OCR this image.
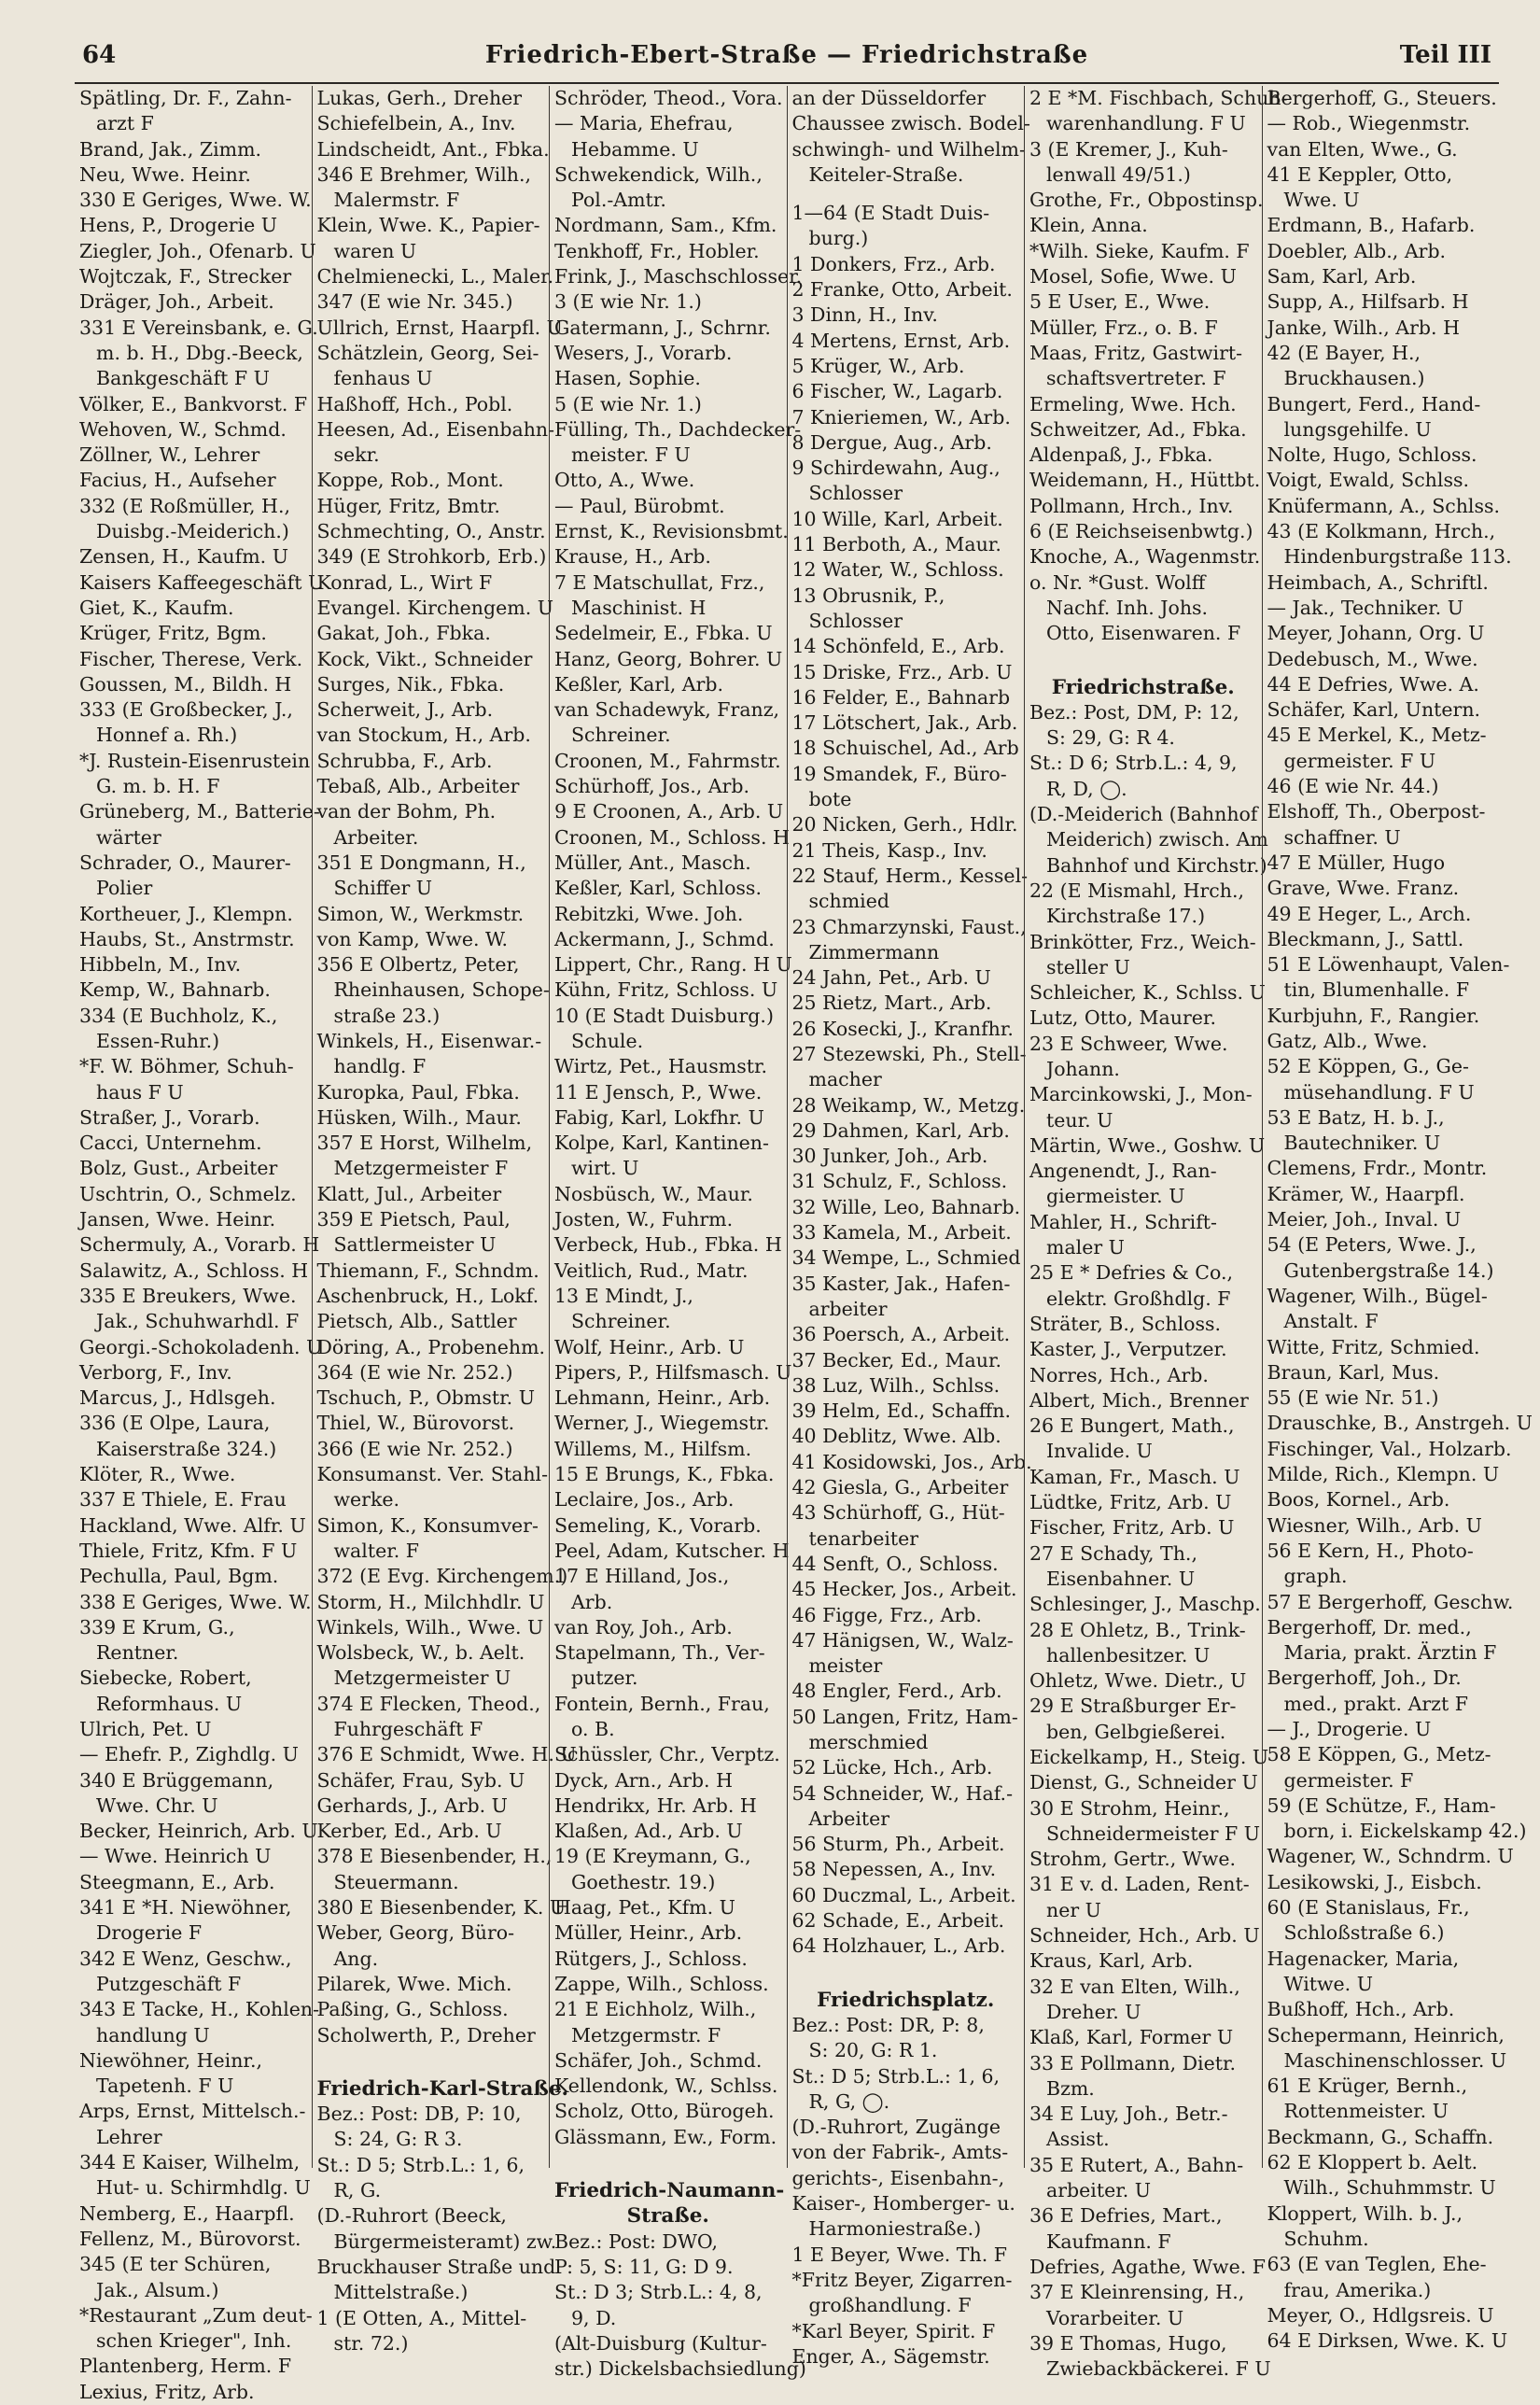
64	Friedrich-Ebert-Straße — Friedrichstraße	Teil III
Spätling, Dr. F., Zahn-
arzt F
Brand, Jak., Zimm.
Neu, Wwe. Heinr.
330 E Geriges, Wwe. W.
Hens, P., Drogerie U
Ziegler, Joh., Ofenarb. U
Wojtczak, F., Strecker
Dräger, Joh., Arbeit.
331 E Vereinsbank, e. G.
m. b. H., Dbg.-Beeck,
Bankgeschäft F U
Völker, E., Bankvorst. F
Wehoven, W., Schmd.
Zöllner, W., Lehrer
Facius, H., Aufseher
332 (E Roßmüller, H.,
Duisbg.-Meiderich.)
Zensen, H., Kaufm. U
Kaisers Kaffeegeschäft U
Giet, K., Kaufm.
Krüger, Fritz, Bgm.
Fischer, Therese, Verk.
Goussen, M., Bildh. H
333 (E Großbecker, J.,
Honnef a. Rh.)
*J. Rustein-Eisenrustein
G. m. b. H. F
Grüneberg, M., Batterie-
wärter
Schrader, O., Maurer-
Polier
Kortheuer, J., Klempn.
Haubs, St., Anstrmstr.
Hibbeln, M., Inv.
Kemp, W., Bahnarb.
334 (E Buchholz, K.,
Essen-Ruhr.)
*F. W. Böhmer, Schuh-
haus F U
Straßer, J., Vorarb.
Cacci, Unternehm.
Bolz, Gust., Arbeiter
Uschtrin, O., Schmelz.
Jansen, Wwe. Heinr.
Schermuly, A., Vorarb. H
Salawitz, A., Schloss. H
335 E Breukers, Wwe.
Jak., Schuhwarhdl. F
Georgi.-Schokoladenh. U
Verborg, F., Inv.
Marcus, J., Hdlsgeh.
336 (E Olpe, Laura,
Kaiserstraße 324.)
Klöter, R., Wwe.
337 E Thiele, E. Frau
Hackland, Wwe. Alfr. U
Thiele, Fritz, Kfm. F U
Pechulla, Paul, Bgm.
338 E Geriges, Wwe. W.
339 E Krum, G.,
Rentner.
Siebecke, Robert,
Reformhaus. U
Ulrich, Pet. U
— Ehefr. P., Zighdlg. U
340 E Brüggemann,
Wwe. Chr. U
Becker, Heinrich, Arb. U
— Wwe. Heinrich U
Steegmann, E., Arb.
341 E *H. Niewöhner,
Drogerie F
342 E Wenz, Geschw.,
Putzgeschäft F
343 E Tacke, H., Kohlen-
handlung U
Niewöhner, Heinr.,
Tapetenh. F U
Arps, Ernst, Mittelsch.-
Lehrer
344 E Kaiser, Wilhelm,
Hut- u. Schirmhdlg. U
Nemberg, E., Haarpfl.
Fellenz, M., Bürovorst.
345 (E ter Schüren,
Jak., Alsum.)
*Restaurant „Zum deut-
schen Krieger", Inh.
Plantenberg, Herm. F
Lexius, Fritz, Arb.
Lukas, Gerh., Dreher
Schiefelbein, A., Inv.
Lindscheidt, Ant., Fbka.
346 E Brehmer, Wilh.,
Malermstr. F
Klein, Wwe. K., Papier-
waren U
Chelmienecki, L., Maler.
347 (E wie Nr. 345.)
Ullrich, Ernst, Haarpfl. U
Schätzlein, Georg, Sei-
fenhaus U
Haßhoff, Hch., Pobl.
Heesen, Ad., Eisenbahn-
sekr.
Koppe, Rob., Mont.
Hüger, Fritz, Bmtr.
Schmechting, O., Anstr.
349 (E Strohkorb, Erb.)
Konrad, L., Wirt F
Evangel. Kirchengem. U
Gakat, Joh., Fbka.
Kock, Vikt., Schneider
Surges, Nik., Fbka.
Scherweit, J., Arb.
van Stockum, H., Arb.
Schrubba, F., Arb.
Tebaß, Alb., Arbeiter
van der Bohm, Ph.
Arbeiter.
351 E Dongmann, H.,
Schiffer U
Simon, W., Werkmstr.
von Kamp, Wwe. W.
356 E Olbertz, Peter,
Rheinhausen, Schope-
straße 23.)
Winkels, H., Eisenwar.-
handlg. F
Kuropka, Paul, Fbka.
Hüsken, Wilh., Maur.
357 E Horst, Wilhelm,
Metzgermeister F
Klatt, Jul., Arbeiter
359 E Pietsch, Paul,
Sattlermeister U
Thiemann, F., Schndm.
Aschenbruck, H., Lokf.
Pietsch, Alb., Sattler
Döring, A., Probenehm.
364 (E wie Nr. 252.)
Tschuch, P., Obmstr. U
Thiel, W., Bürovorst.
366 (E wie Nr. 252.)
Konsumanst. Ver. Stahl-
werke.
Simon, K., Konsumver-
walter. F
372 (E Evg. Kirchengem.)
Storm, H., Milchhdlr. U
Winkels, Wilh., Wwe. U
Wolsbeck, W., b. Aelt.
Metzgermeister U
374 E Flecken, Theod.,
Fuhrgeschäft F
376 E Schmidt, Wwe. H. U
Schäfer, Frau, Syb. U
Gerhards, J., Arb. U
Kerber, Ed., Arb. U
378 E Biesenbender, H.,
Steuermann.
380 E Biesenbender, K. U
Weber, Georg, Büro-
Ang.
Pilarek, Wwe. Mich.
Paßing, G., Schloss.
Scholwerth, P., Dreher
Friedrich-Karl-Straße.
Bez.: Post: DB, P: 10,
S: 24, G: R 3.
St.: D 5; Strb.L.: 1, 6,
R, G.
(D.-Ruhrort (Beeck,
Bürgermeisteramt) zw.
Bruckhauser Straße und
Mittelstraße.)
1 (E Otten, A., Mittel-
str. 72.)
Schröder, Theod., Vora.
— Maria, Ehefrau,
Hebamme. U
Schwekendick, Wilh.,
Pol.-Amtr.
Nordmann, Sam., Kfm.
Tenkhoff, Fr., Hobler.
Frink, J., Maschschlosser.
3 (E wie Nr. 1.)
Gatermann, J., Schrnr.
Wesers, J., Vorarb.
Hasen, Sophie.
5 (E wie Nr. 1.)
Fülling, Th., Dachdecker-
meister. F U
Otto, A., Wwe.
— Paul, Bürobmt.
Ernst, K., Revisionsbmt.
Krause, H., Arb.
7 E Matschullat, Frz.,
Maschinist. H
Sedelmeir, E., Fbka. U
Hanz, Georg, Bohrer. U
Keßler, Karl, Arb.
van Schadewyk, Franz,
Schreiner.
Croonen, M., Fahrmstr.
Schürhoff, Jos., Arb.
9 E Croonen, A., Arb. U
Croonen, M., Schloss. H
Müller, Ant., Masch.
Keßler, Karl, Schloss.
Rebitzki, Wwe. Joh.
Ackermann, J., Schmd.
Lippert, Chr., Rang. H U
Kühn, Fritz, Schloss. U
10 (E Stadt Duisburg.)
Schule.
Wirtz, Pet., Hausmstr.
11 E Jensch, P., Wwe.
Fabig, Karl, Lokfhr. U
Kolpe, Karl, Kantinen-
wirt. U
Nosbüsch, W., Maur.
Josten, W., Fuhrm.
Verbeck, Hub., Fbka. H
Veitlich, Rud., Matr.
13 E Mindt, J.,
Schreiner.
Wolf, Heinr., Arb. U
Pipers, P., Hilfsmasch. U
Lehmann, Heinr., Arb.
Werner, J., Wiegemstr.
Willems, M., Hilfsm.
15 E Brungs, K., Fbka.
Leclaire, Jos., Arb.
Semeling, K., Vorarb.
Peel, Adam, Kutscher. H
17 E Hilland, Jos.,
Arb.
van Roy, Joh., Arb.
Stapelmann, Th., Ver-
putzer.
Fontein, Bernh., Frau,
o. B.
Schüssler, Chr., Verptz.
Dyck, Arn., Arb. H
Hendrikx, Hr. Arb. H
Klaßen, Ad., Arb. U
19 (E Kreymann, G.,
Goethestr. 19.)
Haag, Pet., Kfm. U
Müller, Heinr., Arb.
Rütgers, J., Schloss.
Zappe, Wilh., Schloss.
21 E Eichholz, Wilh.,
Metzgermstr. F
Schäfer, Joh., Schmd.
Kellendonk, W., Schlss.
Scholz, Otto, Bürogeh.
Glässmann, Ew., Form.
Friedrich-Naumann-
Straße.
Bez.: Post: DWO,
P: 5, S: 11, G: D 9.
St.: D 3; Strb.L.: 4, 8,
9, D.
(Alt-Duisburg (Kultur-
str.) Dickelsbachsiedlung)
an der Düsseldorfer
Chaussee zwisch. Bodel-
schwingh- und Wilhelm-
Keiteler-Straße.
1—64 (E Stadt Duis-
burg.)
1 Donkers, Frz., Arb.
2 Franke, Otto, Arbeit.
3 Dinn, H., Inv.
4 Mertens, Ernst, Arb.
5 Krüger, W., Arb.
6 Fischer, W., Lagarb.
7 Knieriemen, W., Arb.
8 Dergue, Aug., Arb.
9 Schirdewahn, Aug.,
Schlosser
10 Wille, Karl, Arbeit.
11 Berboth, A., Maur.
12 Water, W., Schloss.
13 Obrusnik, P.,
Schlosser
14 Schönfeld, E., Arb.
15 Driske, Frz., Arb. U
16 Felder, E., Bahnarb
17 Lötschert, Jak., Arb.
18 Schuischel, Ad., Arb
19 Smandek, F., Büro-
bote
20 Nicken, Gerh., Hdlr.
21 Theis, Kasp., Inv.
22 Stauf, Herm., Kessel-
schmied
23 Chmarzynski, Faust.,
Zimmermann
24 Jahn, Pet., Arb. U
25 Rietz, Mart., Arb.
26 Kosecki, J., Kranfhr.
27 Stezewski, Ph., Stell-
macher
28 Weikamp, W., Metzg.
29 Dahmen, Karl, Arb.
30 Junker, Joh., Arb.
31 Schulz, F., Schloss.
32 Wille, Leo, Bahnarb.
33 Kamela, M., Arbeit.
34 Wempe, L., Schmied
35 Kaster, Jak., Hafen-
arbeiter
36 Poersch, A., Arbeit.
37 Becker, Ed., Maur.
38 Luz, Wilh., Schlss.
39 Helm, Ed., Schaffn.
40 Deblitz, Wwe. Alb.
41 Kosidowski, Jos., Arb.
42 Giesla, G., Arbeiter
43 Schürhoff, G., Hüt-
tenarbeiter
44 Senft, O., Schloss.
45 Hecker, Jos., Arbeit.
46 Figge, Frz., Arb.
47 Hänigsen, W., Walz-
meister
48 Engler, Ferd., Arb.
50 Langen, Fritz, Ham-
merschmied
52 Lücke, Hch., Arb.
54 Schneider, W., Haf.-
Arbeiter
56 Sturm, Ph., Arbeit.
58 Nepessen, A., Inv.
60 Duczmal, L., Arbeit.
62 Schade, E., Arbeit.
64 Holzhauer, L., Arb.
Friedrichsplatz.
Bez.: Post: DR, P: 8,
S: 20, G: R 1.
St.: D 5; Strb.L.: 1, 6,
R, G, ◯.
(D.-Ruhrort, Zugänge
von der Fabrik-, Amts-
gerichts-, Eisenbahn-,
Kaiser-, Homberger- u.
Harmoniestraße.)
1 E Beyer, Wwe. Th. F
*Fritz Beyer, Zigarren-
großhandlung. F
*Karl Beyer, Spirit. F
Enger, A., Sägemstr.
2 E *M. Fischbach, Schuh-
warenhandlung. F U
3 (E Kremer, J., Kuh-
lenwall 49/51.)
Grothe, Fr., Obpostinsp.
Klein, Anna.
*Wilh. Sieke, Kaufm. F
Mosel, Sofie, Wwe. U
5 E User, E., Wwe.
Müller, Frz., o. B. F
Maas, Fritz, Gastwirt-
schaftsvertreter. F
Ermeling, Wwe. Hch.
Schweitzer, Ad., Fbka.
Aldenpaß, J., Fbka.
Weidemann, H., Hüttbt.
Pollmann, Hrch., Inv.
6 (E Reichseisenbwtg.)
Knoche, A., Wagenmstr.
o. Nr. *Gust. Wolff
Nachf. Inh. Johs.
Otto, Eisenwaren. F
Friedrichstraße.
Bez.: Post, DM, P: 12,
S: 29, G: R 4.
St.: D 6; Strb.L.: 4, 9,
R, D, ◯.
(D.-Meiderich (Bahnhof
Meiderich) zwisch. Am
Bahnhof und Kirchstr.)
22 (E Mismahl, Hrch.,
Kirchstraße 17.)
Brinkötter, Frz., Weich-
steller U
Schleicher, K., Schlss. U
Lutz, Otto, Maurer.
23 E Schweer, Wwe.
Johann.
Marcinkowski, J., Mon-
teur. U
Märtin, Wwe., Goshw. U
Angenendt, J., Ran-
giermeister. U
Mahler, H., Schrift-
maler U
25 E * Defries & Co.,
elektr. Großhdlg. F
Sträter, B., Schloss.
Kaster, J., Verputzer.
Norres, Hch., Arb.
Albert, Mich., Brenner
26 E Bungert, Math.,
Invalide. U
Kaman, Fr., Masch. U
Lüdtke, Fritz, Arb. U
Fischer, Fritz, Arb. U
27 E Schady, Th.,
Eisenbahner. U
Schlesinger, J., Maschp.
28 E Ohletz, B., Trink-
hallenbesitzer. U
Ohletz, Wwe. Dietr., U
29 E Straßburger Er-
ben, Gelbgießerei.
Eickelkamp, H., Steig. U
Dienst, G., Schneider U
30 E Strohm, Heinr.,
Schneidermeister F U
Strohm, Gertr., Wwe.
31 E v. d. Laden, Rent-
ner U
Schneider, Hch., Arb. U
Kraus, Karl, Arb.
32 E van Elten, Wilh.,
Dreher. U
Klaß, Karl, Former U
33 E Pollmann, Dietr.
Bzm.
34 E Luy, Joh., Betr.-
Assist.
35 E Rutert, A., Bahn-
arbeiter. U
36 E Defries, Mart.,
Kaufmann. F
Defries, Agathe, Wwe. F
37 E Kleinrensing, H.,
Vorarbeiter. U
39 E Thomas, Hugo,
Zwiebackbäckerei. F U
Bergerhoff, G., Steuers.
— Rob., Wiegenmstr.
van Elten, Wwe., G.
41 E Keppler, Otto,
Wwe. U
Erdmann, B., Hafarb.
Doebler, Alb., Arb.
Sam, Karl, Arb.
Supp, A., Hilfsarb. H
Janke, Wilh., Arb. H
42 (E Bayer, H.,
Bruckhausen.)
Bungert, Ferd., Hand-
lungsgehilfe. U
Nolte, Hugo, Schloss.
Voigt, Ewald, Schlss.
Knüfermann, A., Schlss.
43 (E Kolkmann, Hrch.,
Hindenburgstraße 113.
Heimbach, A., Schriftl.
— Jak., Techniker. U
Meyer, Johann, Org. U
Dedebusch, M., Wwe.
44 E Defries, Wwe. A.
Schäfer, Karl, Untern.
45 E Merkel, K., Metz-
germeister. F U
46 (E wie Nr. 44.)
Elshoff, Th., Oberpost-
schaffner. U
47 E Müller, Hugo
Grave, Wwe. Franz.
49 E Heger, L., Arch.
Bleckmann, J., Sattl.
51 E Löwenhaupt, Valen-
tin, Blumenhalle. F
Kurbjuhn, F., Rangier.
Gatz, Alb., Wwe.
52 E Köppen, G., Ge-
müsehandlung. F U
53 E Batz, H. b. J.,
Bautechniker. U
Clemens, Frdr., Montr.
Krämer, W., Haarpfl.
Meier, Joh., Inval. U
54 (E Peters, Wwe. J.,
Gutenbergstraße 14.)
Wagener, Wilh., Bügel-
Anstalt. F
Witte, Fritz, Schmied.
Braun, Karl, Mus.
55 (E wie Nr. 51.)
Drauschke, B., Anstrgeh. U
Fischinger, Val., Holzarb.
Milde, Rich., Klempn. U
Boos, Kornel., Arb.
Wiesner, Wilh., Arb. U
56 E Kern, H., Photo-
graph.
57 E Bergerhoff, Geschw.
Bergerhoff, Dr. med.,
Maria, prakt. Ärztin F
Bergerhoff, Joh., Dr.
med., prakt. Arzt F
— J., Drogerie. U
58 E Köppen, G., Metz-
germeister. F
59 (E Schütze, F., Ham-
born, i. Eickelskamp 42.)
Wagener, W., Schndrm. U
Lesikowski, J., Eisbch.
60 (E Stanislaus, Fr.,
Schloßstraße 6.)
Hagenacker, Maria,
Witwe. U
Bußhoff, Hch., Arb.
Schepermann, Heinrich,
Maschinenschlosser. U
61 E Krüger, Bernh.,
Rottenmeister. U
Beckmann, G., Schaffn.
62 E Kloppert b. Aelt.
Wilh., Schuhmmstr. U
Kloppert, Wilh. b. J.,
Schuhm.
63 (E van Teglen, Ehe-
frau, Amerika.)
Meyer, O., Hdlgsreis. U
64 E Dirksen, Wwe. K. U
